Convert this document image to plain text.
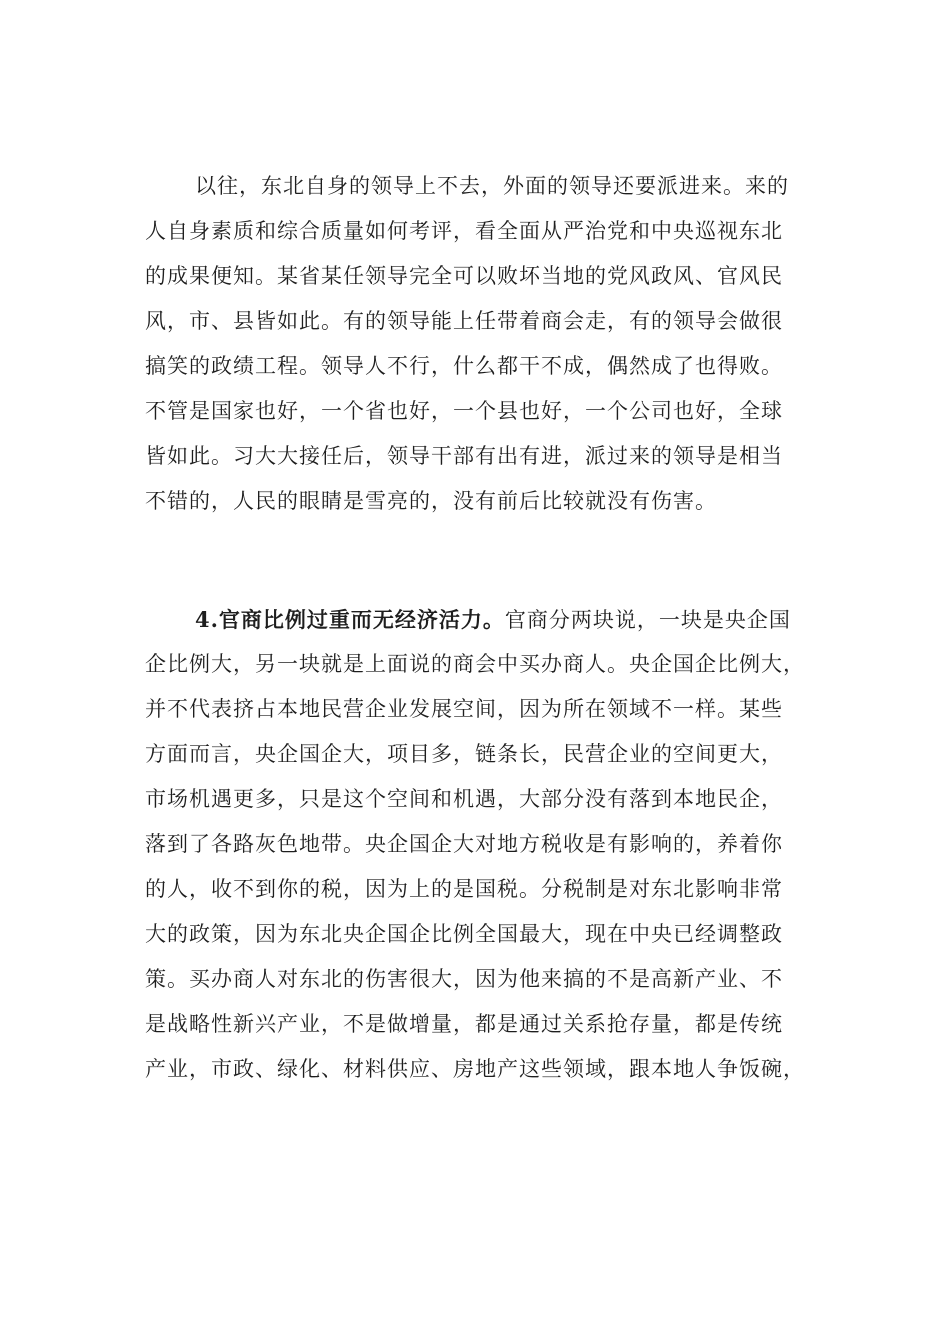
以往，东北自身的领导上不去，外面的领导还要派进来。来的
人自身素质和综合质量如何考评，看全面从严治党和中央巡视东北
的成果便知。某省某任领导完全可以败坏当地的党风政风、官风民
风，市、县皆如此。有的领导能上任带着商会走，有的领导会做很
搞笑的政绩工程。领导人不行，什么都干不成，偶然成了也得败。
不管是国家也好，一个省也好，一个县也好，一个公司也好，全球
皆如此。习大大接任后，领导干部有出有进，派过来的领导是相当
不错的，人民的眼睛是雪亮的，没有前后比较就没有伤害。
4.官商比例过重而无经济活力。官商分两块说，一块是央企国
企比例大，另一块就是上面说的商会中买办商人。央企国企比例大，
并不代表挤占本地民营企业发展空间，因为所在领域不一样。某些
方面而言，央企国企大，项目多，链条长，民营企业的空间更大，
市场机遇更多，只是这个空间和机遇，大部分没有落到本地民企，
落到了各路灰色地带。央企国企大对地方税收是有影响的，养着你
的人，收不到你的税，因为上的是国税。分税制是对东北影响非常
大的政策，因为东北央企国企比例全国最大，现在中央已经调整政
策。买办商人对东北的伤害很大，因为他来搞的不是高新产业、不
是战略性新兴产业，不是做增量，都是通过关系抢存量，都是传统
产业，市政、绿化、材料供应、房地产这些领域，跟本地人争饭碗，
